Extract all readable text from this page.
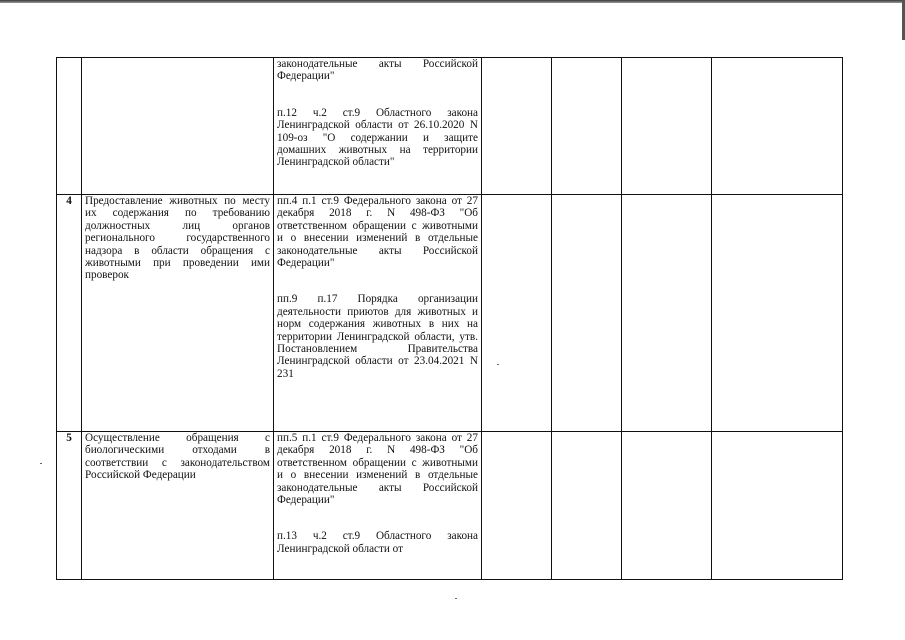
		законодательные акты Российской Федерации"
п.12 ч.2 ст.9 Областного закона Ленинградской области от 26.10.2020 N 109-оз "О содержании и защите домашних животных на территории Ленинградской области"				

4	Предоставление животных по месту их содержания по требованию должностных лиц органов регионального государственного надзора в области обращения с животными при проведении ими проверок	пп.4 п.1 ст.9 Федерального закона от 27 декабря 2018 г. N 498-ФЗ "Об ответственном обращении с животными и о внесении изменений в отдельные законодательные акты Российской Федерации"
пп.9 п.17 Порядка организации деятельности приютов для животных и норм содержания животных в них на территории Ленинградской области, утв. Постановлением Правительства Ленинградской области от 23.04.2021 N 231				

5	Осуществление обращения с биологическими отходами в соответствии с законодательством Российской Федерации	пп.5 п.1 ст.9 Федерального закона от 27 декабря 2018 г. N 498-ФЗ "Об ответственном обращении с животными и о внесении изменений в отдельные законодательные акты Российской Федерации"
п.13 ч.2 ст.9 Областного закона Ленинградской области от				
